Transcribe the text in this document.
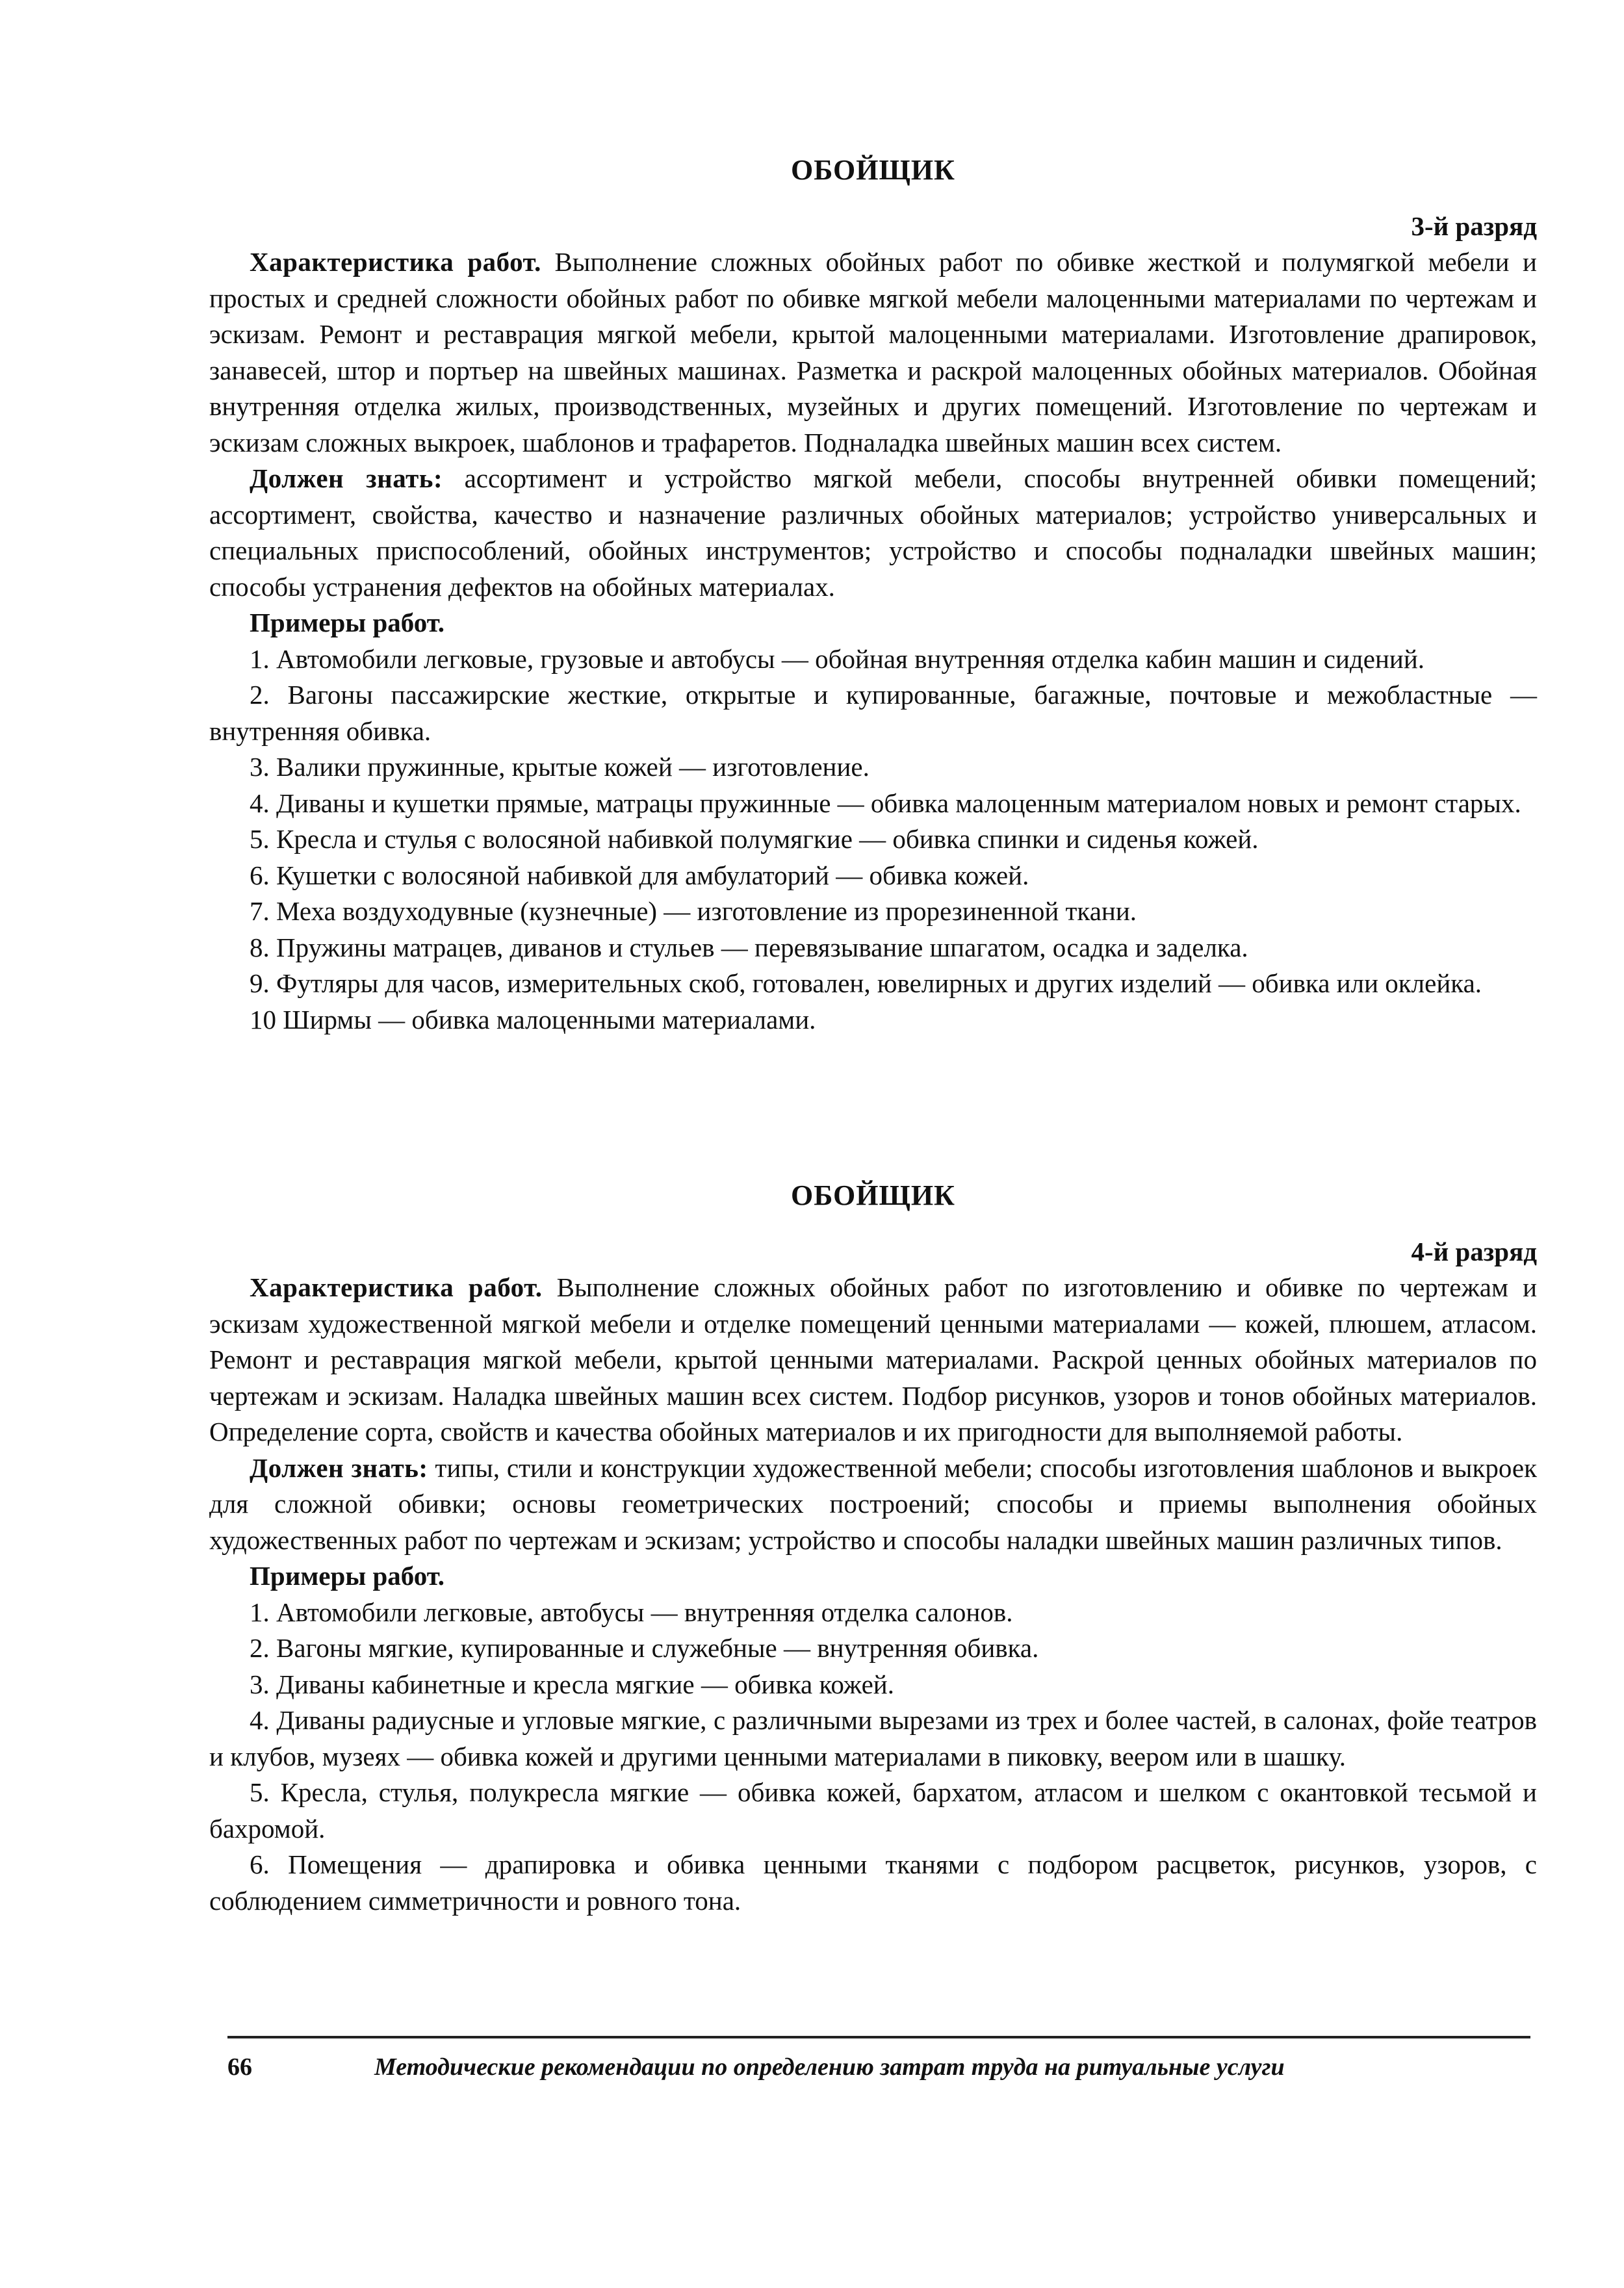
ОБОЙЩИК
3-й разряд

Характеристика работ. Выполнение сложных обойных работ по обивке жесткой и полумягкой мебели и простых и средней сложности обойных работ по обивке мягкой мебели малоценными материалами по чертежам и эскизам. Ремонт и реставрация мягкой мебели, крытой малоценными материалами. Изготовление драпировок, занавесей, штор и портьер на швейных машинах. Разметка и раскрой малоценных обойных материалов. Обойная внутренняя отделка жилых, производственных, музейных и других помещений. Изготовление по чертежам и эскизам сложных выкроек, шаблонов и трафаретов. Подналадка швейных машин всех систем.

Должен знать: ассортимент и устройство мягкой мебели, способы внутренней обивки помещений; ассортимент, свойства, качество и назначение различных обойных материалов; устройство универсальных и специальных приспособлений, обойных инструментов; устройство и способы подналадки швейных машин; способы устранения дефектов на обойных материалах.

Примеры работ.

1. Автомобили легковые, грузовые и автобусы — обойная внутренняя отделка кабин машин и сидений.

2. Вагоны пассажирские жесткие, открытые и купированные, багажные, почтовые и межобластные — внутренняя обивка.

3. Валики пружинные, крытые кожей — изготовление.

4. Диваны и кушетки прямые, матрацы пружинные — обивка малоценным материалом новых и ремонт старых.

5. Кресла и стулья с волосяной набивкой полумягкие — обивка спинки и сиденья кожей.

6. Кушетки с волосяной набивкой для амбулаторий — обивка кожей.

7. Меха воздуходувные (кузнечные) — изготовление из прорезиненной ткани.

8. Пружины матрацев, диванов и стульев — перевязывание шпагатом, осадка и заделка.

9. Футляры для часов, измерительных скоб, готовален, ювелирных и других изделий — обивка или оклейка.

10 Ширмы — обивка малоценными материалами.

ОБОЙЩИК
4-й разряд

Характеристика работ. Выполнение сложных обойных работ по изготовлению и обивке по чертежам и эскизам художественной мягкой мебели и отделке помещений ценными материалами — кожей, плюшем, атласом. Ремонт и реставрация мягкой мебели, крытой ценными материалами. Раскрой ценных обойных материалов по чертежам и эскизам. Наладка швейных машин всех систем. Подбор рисунков, узоров и тонов обойных материалов. Определение сорта, свойств и качества обойных материалов и их пригодности для выполняемой работы.

Должен знать: типы, стили и конструкции художественной мебели; способы изготовления шаблонов и выкроек для сложной обивки; основы геометрических построений; способы и приемы выполнения обойных художественных работ по чертежам и эскизам; устройство и способы наладки швейных машин различных типов.

Примеры работ.

1. Автомобили легковые, автобусы — внутренняя отделка салонов.

2. Вагоны мягкие, купированные и служебные — внутренняя обивка.

3. Диваны кабинетные и кресла мягкие — обивка кожей.

4. Диваны радиусные и угловые мягкие, с различными вырезами из трех и более частей, в салонах, фойе театров и клубов, музеях — обивка кожей и другими ценными материалами в пиковку, веером или в шашку.

5. Кресла, стулья, полукресла мягкие — обивка кожей, бархатом, атласом и шелком с окантовкой тесьмой и бахромой.

6. Помещения — драпировка и обивка ценными тканями с подбором расцветок, рисунков, узоров, с соблюдением симметричности и ровного тона.

66	Методические рекомендации по определению затрат труда на ритуальные услуги
